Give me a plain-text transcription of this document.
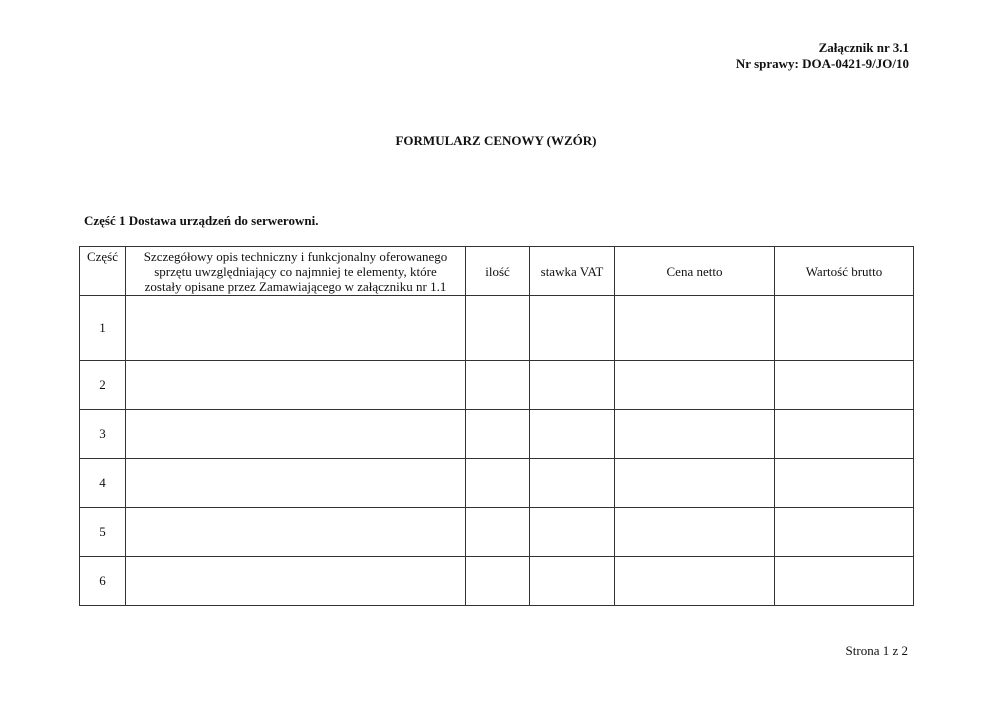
Załącznik nr 3.1
Nr sprawy: DOA-0421-9/JO/10
FORMULARZ CENOWY (WZÓR)
Część 1 Dostawa urządzeń do serwerowni.
Część	Szczegółowy opis techniczny i funkcjonalny oferowanego
sprzętu uwzględniający co najmniej te elementy, które
zostały opisane przez Zamawiającego w załączniku nr 1.1	ilość	stawka VAT	Cena netto	Wartość brutto
1					
2					
3					
4					
5					
6					
Strona 1 z 2
